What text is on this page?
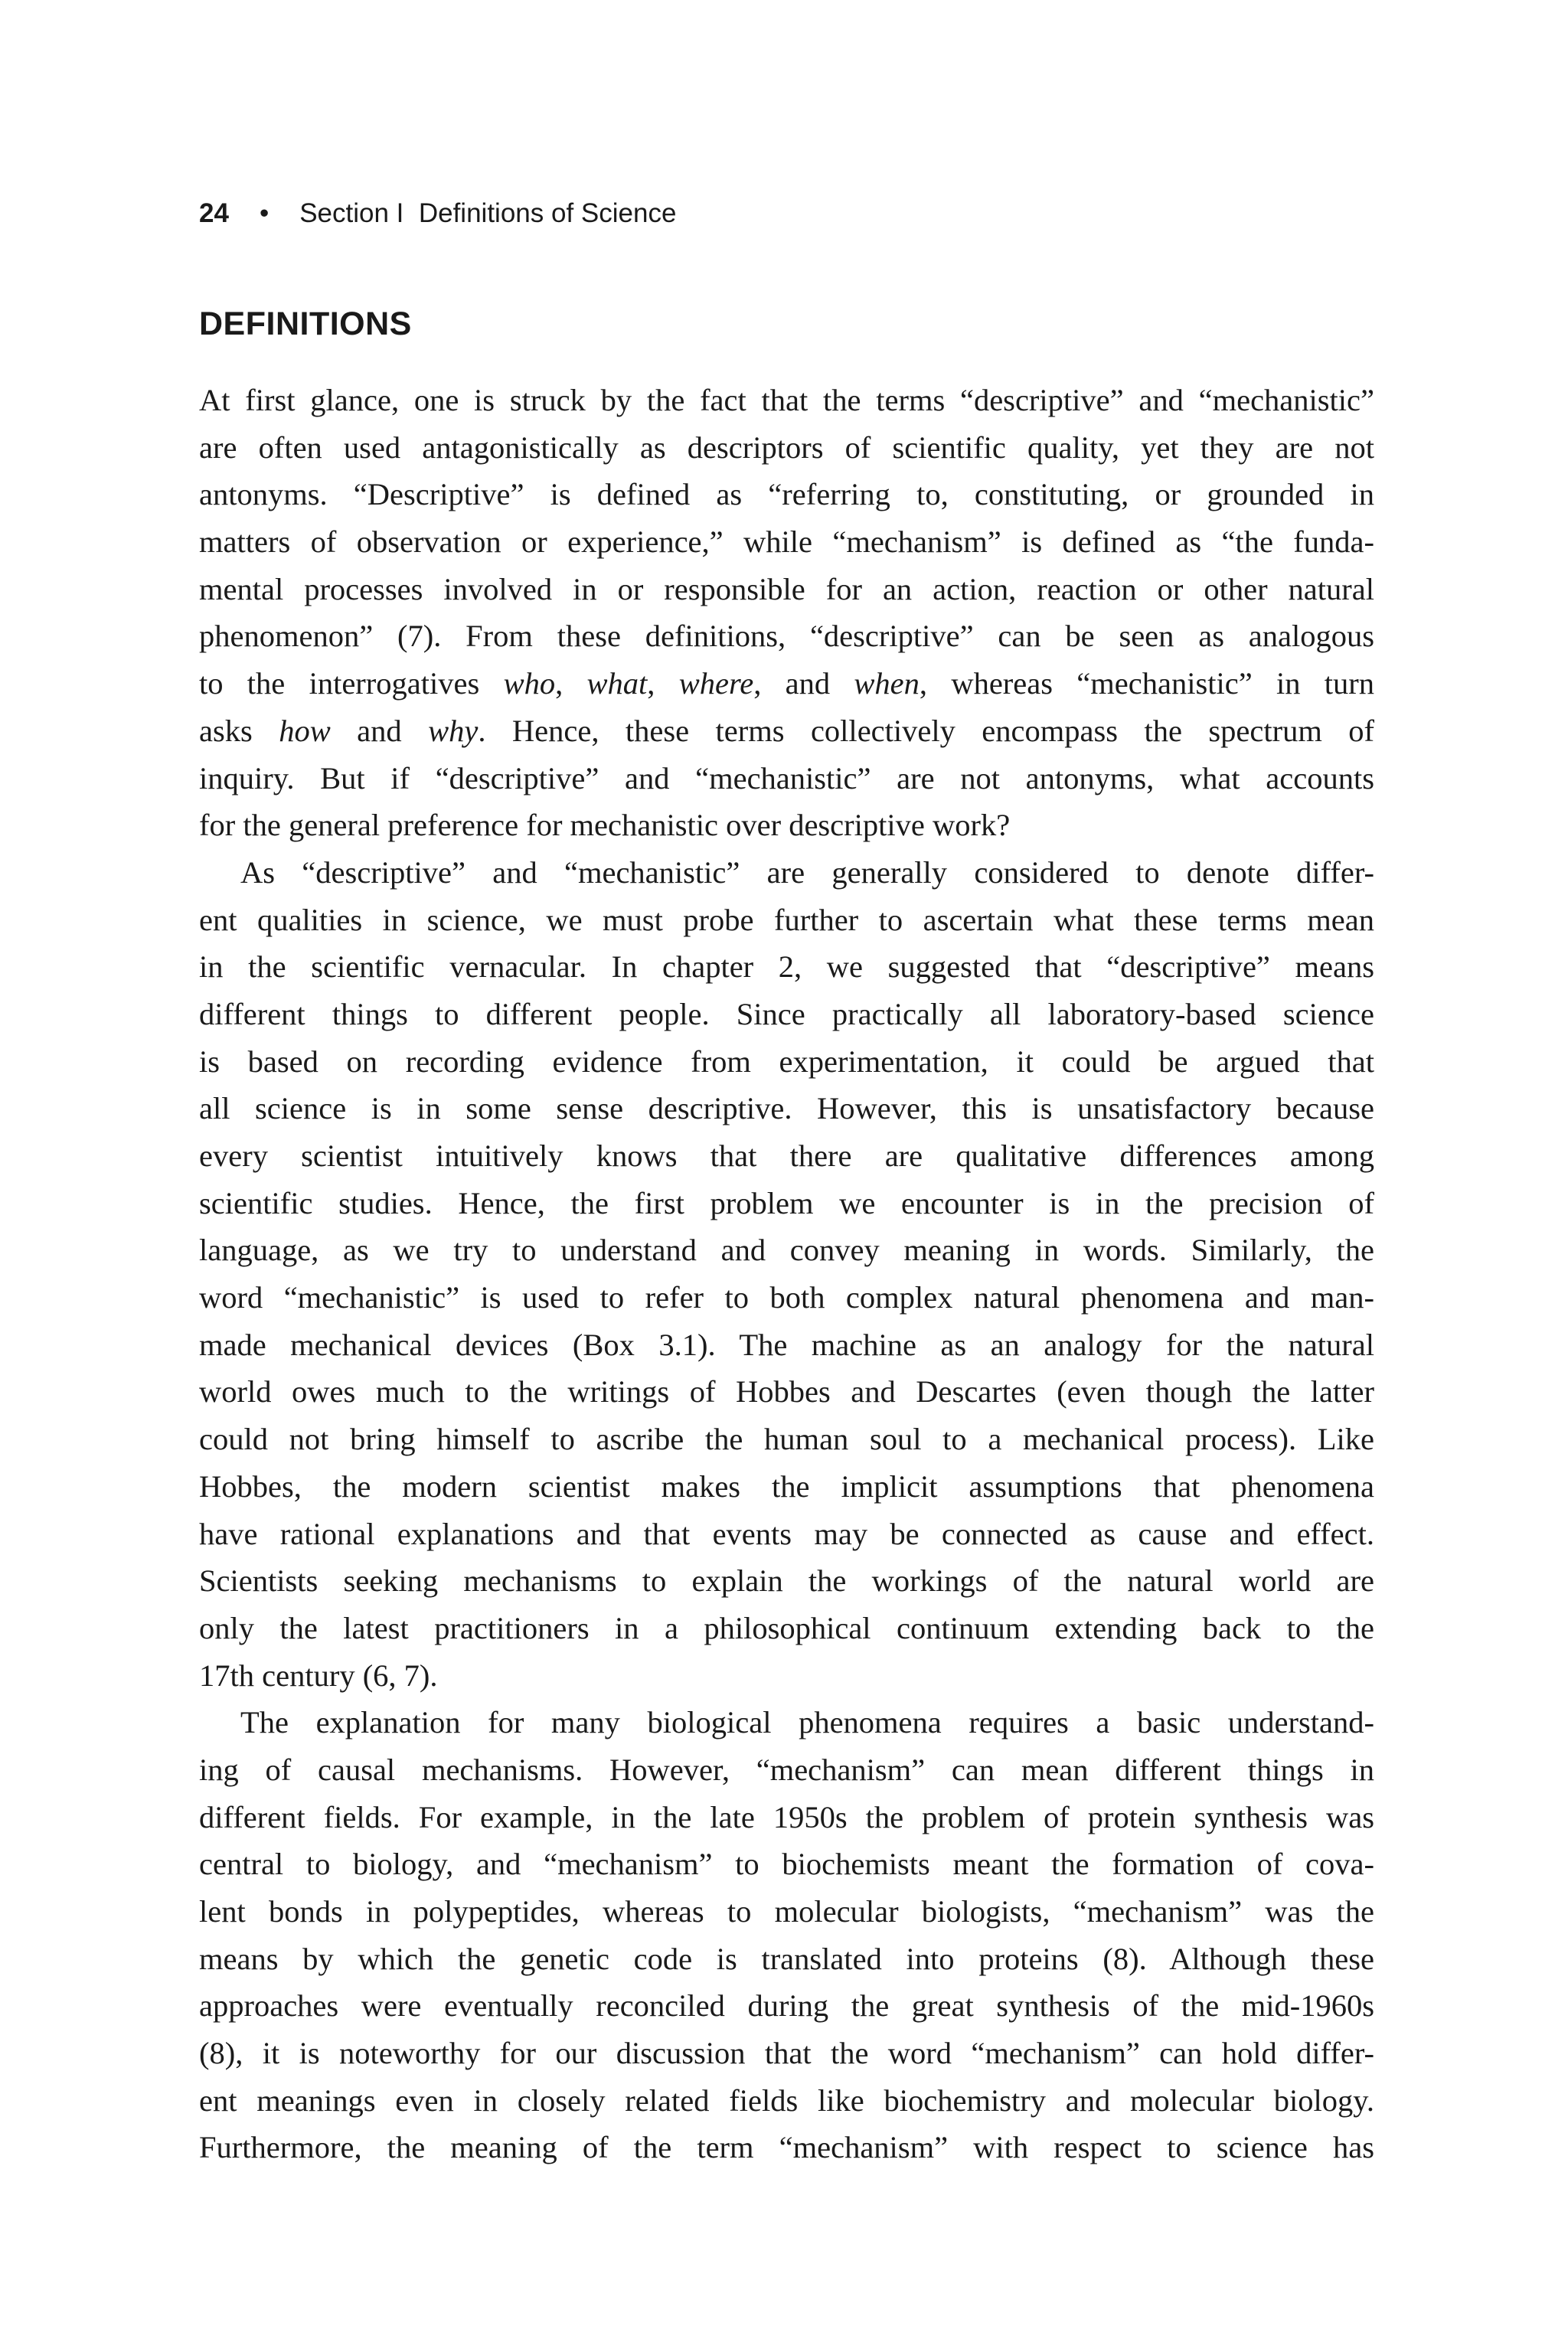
24 • Section I  Definitions of Science
DEFINITIONS
At first glance, one is struck by the fact that the terms “descriptive” and “mechanistic”
are often used antagonistically as descriptors of scientific quality, yet they are not
antonyms. “Descriptive” is defined as “referring to, constituting, or grounded in
matters of observation or experience,” while “mechanism” is defined as “the funda-
mental processes involved in or responsible for an action, reaction or other natural
phenomenon” (7). From these definitions, “descriptive” can be seen as analogous
to the interrogatives who, what, where, and when, whereas “mechanistic” in turn
asks how and why. Hence, these terms collectively encompass the spectrum of
inquiry. But if “descriptive” and “mechanistic” are not antonyms, what accounts
for the general preference for mechanistic over descriptive work?
As “descriptive” and “mechanistic” are generally considered to denote differ-
ent qualities in science, we must probe further to ascertain what these terms mean
in the scientific vernacular. In chapter 2, we suggested that “descriptive” means
different things to different people. Since practically all laboratory-based science
is based on recording evidence from experimentation, it could be argued that
all science is in some sense descriptive. However, this is unsatisfactory because
every scientist intuitively knows that there are qualitative differences among
scientific studies. Hence, the first problem we encounter is in the precision of
language, as we try to understand and convey meaning in words. Similarly, the
word “mechanistic” is used to refer to both complex natural phenomena and man-
made mechanical devices (Box 3.1). The machine as an analogy for the natural
world owes much to the writings of Hobbes and Descartes (even though the latter
could not bring himself to ascribe the human soul to a mechanical process). Like
Hobbes, the modern scientist makes the implicit assumptions that phenomena
have rational explanations and that events may be connected as cause and effect.
Scientists seeking mechanisms to explain the workings of the natural world are
only the latest practitioners in a philosophical continuum extending back to the
17th century (6, 7).
The explanation for many biological phenomena requires a basic understand-
ing of causal mechanisms. However, “mechanism” can mean different things in
different fields. For example, in the late 1950s the problem of protein synthesis was
central to biology, and “mechanism” to biochemists meant the formation of cova-
lent bonds in polypeptides, whereas to molecular biologists, “mechanism” was the
means by which the genetic code is translated into proteins (8). Although these
approaches were eventually reconciled during the great synthesis of the mid-1960s
(8), it is noteworthy for our discussion that the word “mechanism” can hold differ-
ent meanings even in closely related fields like biochemistry and molecular biology.
Furthermore, the meaning of the term “mechanism” with respect to science has
